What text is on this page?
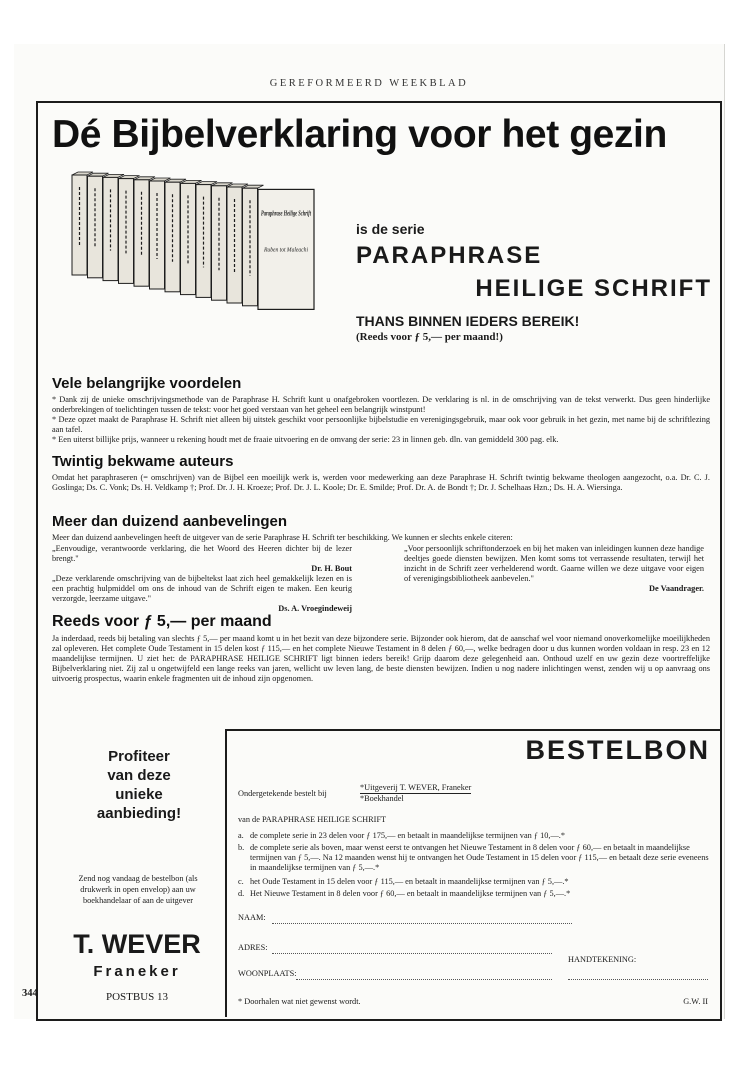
GEREFORMEERD WEEKBLAD
Dé Bijbelverklaring voor het gezin
Paraphrase Heilige Schrift
Ruben tot Maleachi
is de serie
PARAPHRASE
HEILIGE SCHRIFT
THANS BINNEN IEDERS BEREIK!
(Reeds voor ƒ 5,— per maand!)
Vele belangrijke voordelen
* Dank zij de unieke omschrijvingsmethode van de Paraphrase H. Schrift kunt u onafgebroken voortlezen. De verklaring is nl. in de omschrijving van de tekst verwerkt. Dus geen hinderlijke onderbrekingen of toelichtingen tussen de tekst: voor het goed verstaan van het geheel een belangrijk winstpunt!
* Deze opzet maakt de Paraphrase H. Schrift niet alleen bij uitstek geschikt voor persoonlijke bijbelstudie en verenigingsgebruik, maar ook voor gebruik in het gezin, met name bij de schriftlezing aan tafel.
* Een uiterst billijke prijs, wanneer u rekening houdt met de fraaie uitvoering en de omvang der serie: 23 in linnen geb. dln. van gemiddeld 300 pag. elk.
Twintig bekwame auteurs
Omdat het paraphraseren (= omschrijven) van de Bijbel een moeilijk werk is, werden voor medewerking aan deze Paraphrase H. Schrift twintig bekwame theologen aangezocht, o.a. Dr. C. J. Goslinga; Ds. C. Vonk; Ds. H. Veldkamp †; Prof. Dr. J. H. Kroeze; Prof. Dr. J. L. Koole; Dr. E. Smilde; Prof. Dr. A. de Bondt †; Dr. J. Schelhaas Hzn.; Ds. H. A. Wiersinga.
Meer dan duizend aanbevelingen
Meer dan duizend aanbevelingen heeft de uitgever van de serie Paraphrase H. Schrift ter beschikking. We kunnen er slechts enkele citeren:
„Eenvoudige, verantwoorde verklaring, die het Woord des Heeren dichter bij de lezer brengt."
Dr. H. Bout
„Deze verklarende omschrijving van de bijbeltekst laat zich heel gemakkelijk lezen en is een prachtig hulpmiddel om ons de inhoud van de Schrift eigen te maken. Een keurig verzorgde, leerzame uitgave."
Ds. A. Vroegindeweij
„Voor persoonlijk schriftonderzoek en bij het maken van inleidingen kunnen deze handige deeltjes goede diensten bewijzen. Men komt soms tot verrassende resultaten, terwijl het inzicht in de Schrift zeer verhelderend wordt. Gaarne willen we deze uitgave voor eigen of verenigingsbibliotheek aanbevelen."
De Vaandrager.
Reeds voor ƒ 5,— per maand
Ja inderdaad, reeds bij betaling van slechts ƒ 5,— per maand komt u in het bezit van deze bijzondere serie. Bijzonder ook hierom, dat de aanschaf wel voor niemand onoverkomelijke moeilijkheden zal opleveren. Het complete Oude Testament in 15 delen kost ƒ 115,— en het complete Nieuwe Testament in 8 delen ƒ 60,—, welke bedragen door u dus kunnen worden voldaan in resp. 23 en 12 maandelijkse termijnen. U ziet het: de PARAPHRASE HEILIGE SCHRIFT ligt binnen ieders bereik! Grijp daarom deze gelegenheid aan. Onthoud uzelf en uw gezin deze voortreffelijke Bijbelverklaring niet. Zij zal u ongetwijfeld een lange reeks van jaren, wellicht uw leven lang, de beste diensten bewijzen. Indien u nog nadere inlichtingen wenst, zenden wij u op aanvraag ons uitvoerig prospectus, waarin enkele fragmenten uit de inhoud zijn opgenomen.
Profiteer
van deze
unieke
aanbieding!
Zend nog vandaag de bestelbon (als drukwerk in open envelop) aan uw boekhandelaar of aan de uitgever
T. WEVER
Franeker
POSTBUS 13
BESTELBON
Ondergetekende bestelt bij
*Uitgeverij T. WEVER, Franeker

*Boekhandel
van de PARAPHRASE HEILIGE SCHRIFT
a. de complete serie in 23 delen voor ƒ 175,— en betaalt in maandelijkse termijnen van ƒ 10,—.*
b. de complete serie als boven, maar wenst eerst te ontvangen het Nieuwe Testament in 8 delen voor ƒ 60,— en betaalt in maandelijkse termijnen van ƒ 5,—. Na 12 maanden wenst hij te ontvangen het Oude Testament in 15 delen voor ƒ 115,— en betaalt deze serie eveneens in maandelijkse termijnen van ƒ 5,—.*
c. het Oude Testament in 15 delen voor ƒ 115,— en betaalt in maandelijkse termijnen van ƒ 5,—.*
d. Het Nieuwe Testament in 8 delen voor ƒ 60,— en betaalt in maandelijkse termijnen van ƒ 5,—.*
NAAM:
ADRES:
HANDTEKENING:
WOONPLAATS:
* Doorhalen wat niet gewenst wordt.	G.W. II
344
